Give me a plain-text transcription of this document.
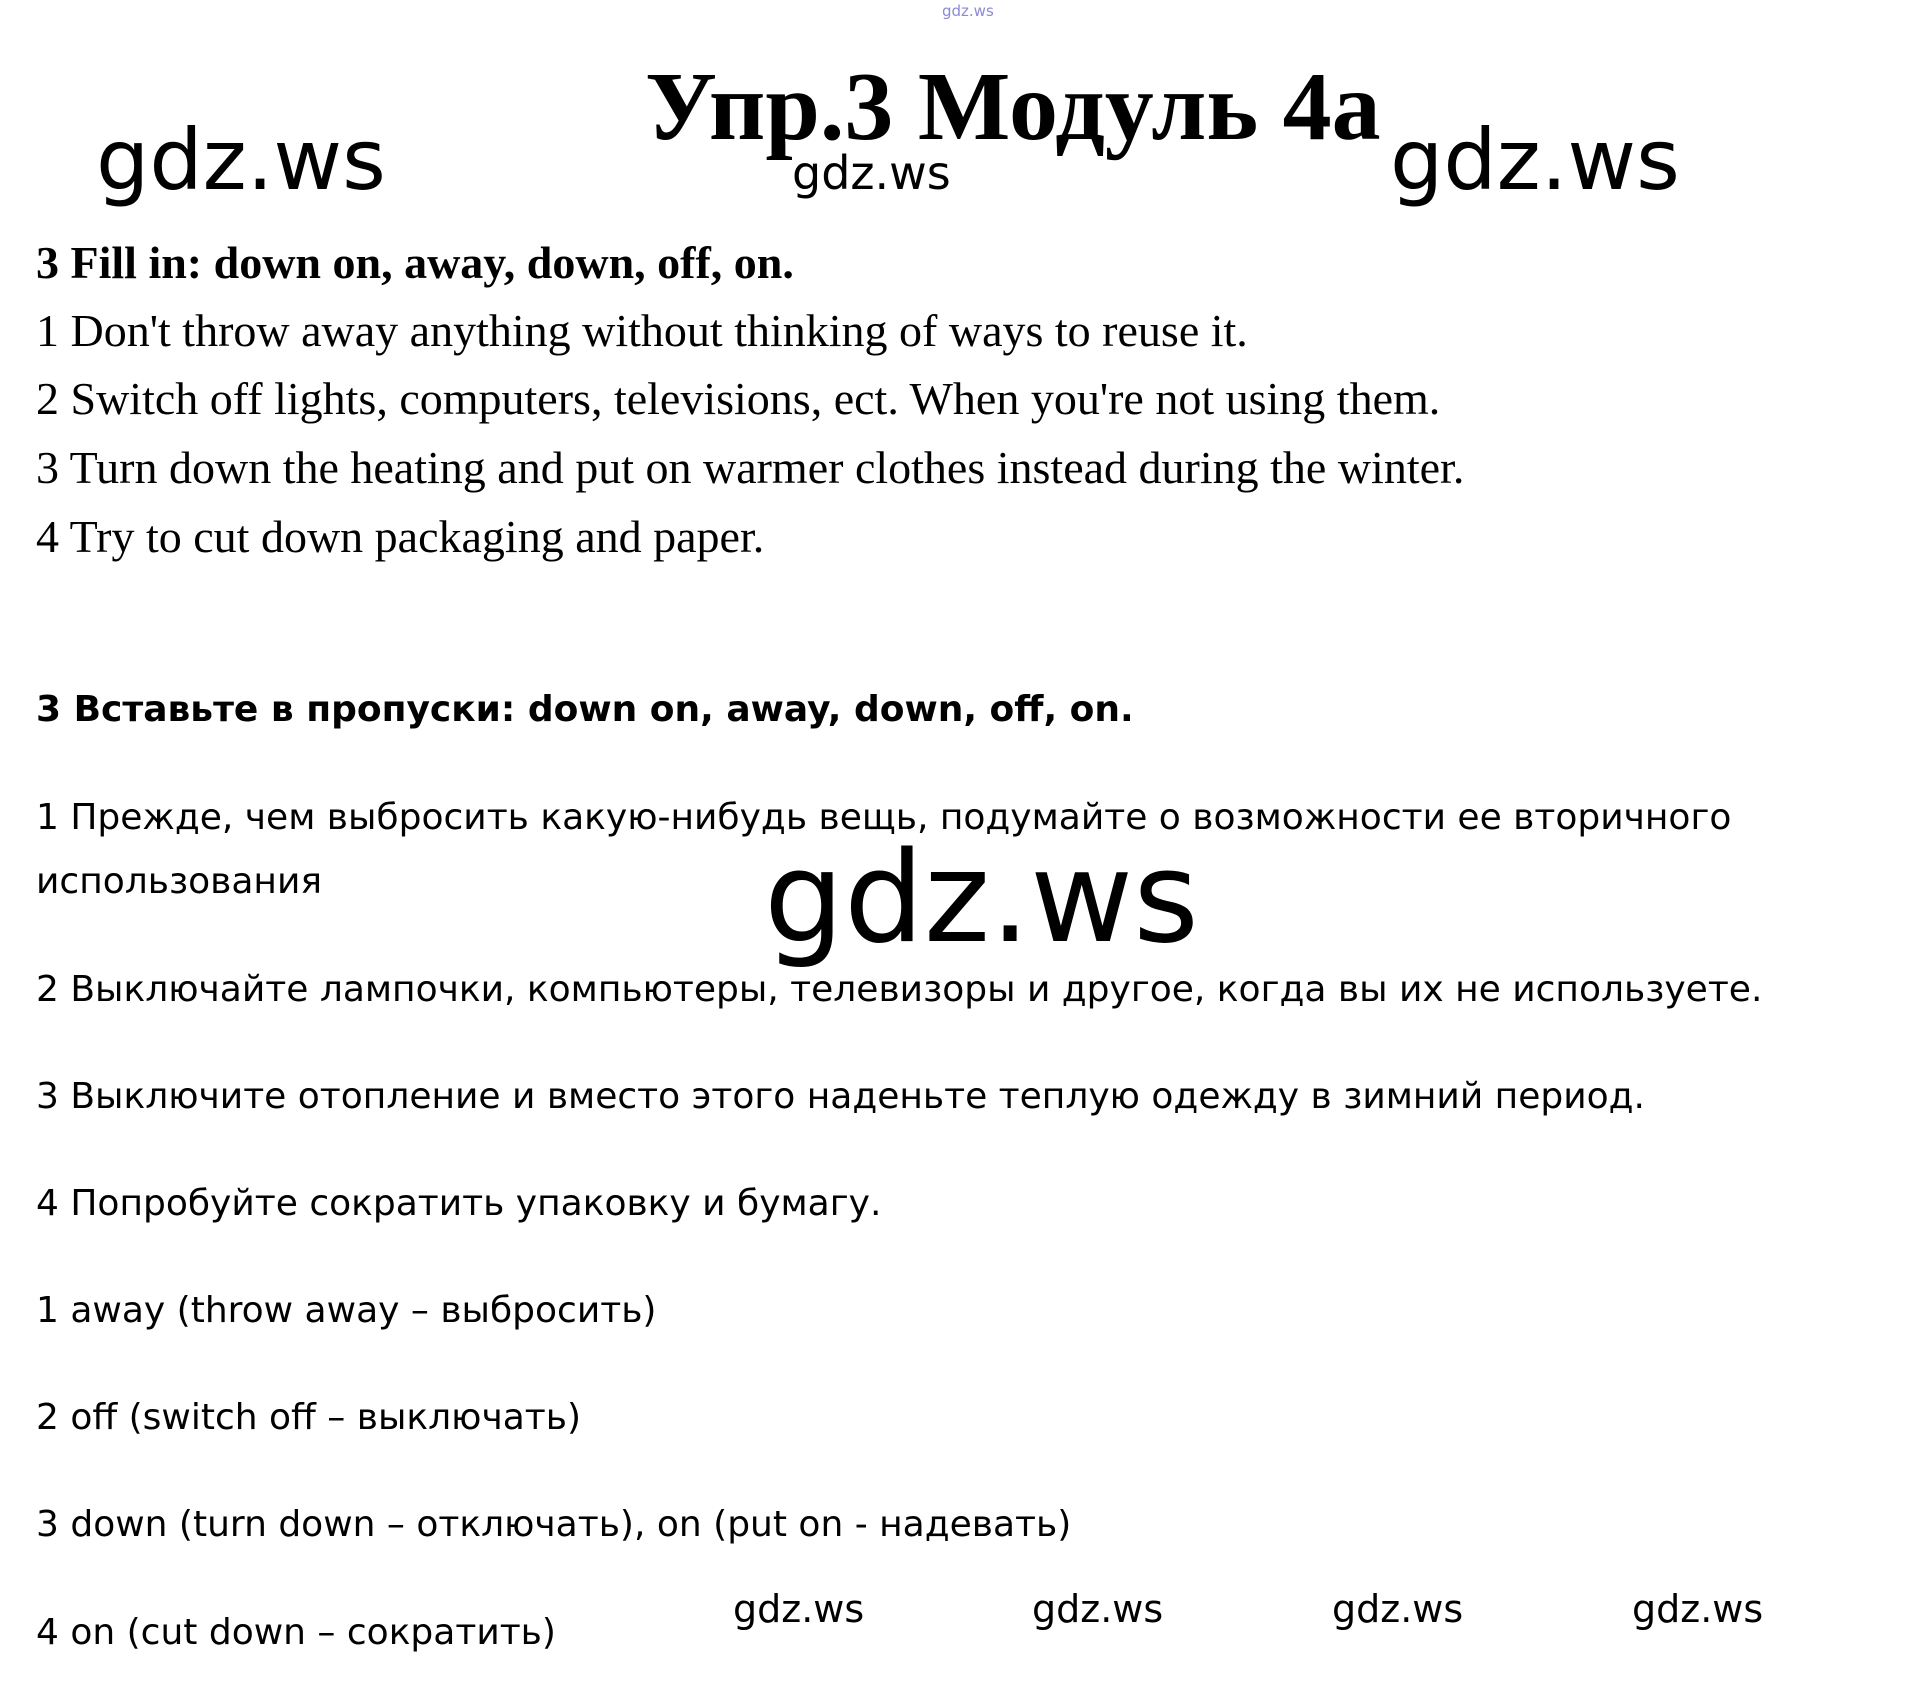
gdz.ws
Упр.3 Модуль 4a
gdz.ws	gdz.ws	gdz.ws
3 Fill in: down on, away, down, off, on.
1 Don't throw away anything without thinking of ways to reuse it.
2 Switch off lights, computers, televisions, ect. When you're not using them.
3 Turn down the heating and put on warmer clothes instead during the winter.
4 Try to cut down packaging and paper.
3 Вставьте в пропуски: down on, away, down, off, on.
1 Прежде, чем выбросить какую-нибудь вещь, подумайте о возможности ее вторичного
использования	gdz.ws
2 Выключайте лампочки, компьютеры, телевизоры и другое, когда вы их не используете.
3 Выключите отопление и вместо этого наденьте теплую одежду в зимний период.
4 Попробуйте сократить упаковку и бумагу.
1 away (throw away – выбросить)
2 off (switch off – выключать)
3 down (turn down – отключать), on (put on - надевать)
4 on (cut down – сократить)
gdz.ws	gdz.ws	gdz.ws	gdz.ws
